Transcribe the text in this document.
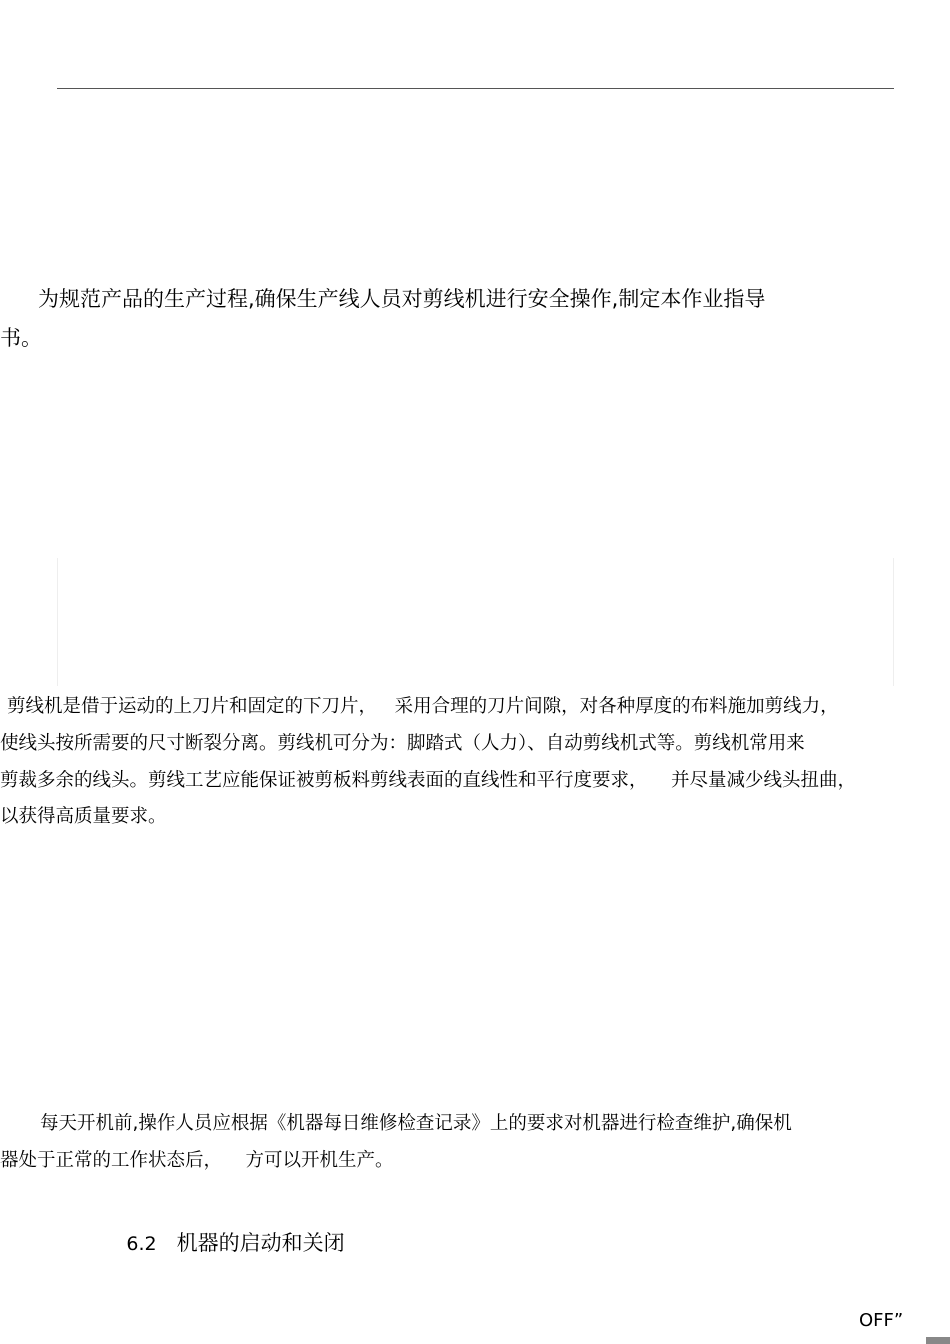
为规范产品的生产过程,确保生产线人员对剪线机进行安全操作,制定本作业指导
书。
剪线机是借于运动的上刀片和固定的下刀片，   采用合理的刀片间隙，对各种厚度的布料施加剪线力，
使线头按所需要的尺寸断裂分离。剪线机可分为：脚踏式（人力）、自动剪线机式等。剪线机常用来
剪裁多余的线头。剪线工艺应能保证被剪板料剪线表面的直线性和平行度要求，    并尽量减少线头扭曲，
以获得高质量要求。
每天开机前,操作人员应根据《机器每日维修检查记录》上的要求对机器进行检查维护,确保机
器处于正常的工作状态后，    方可以开机生产。

6.2 机器的启动和关闭

OFF”
